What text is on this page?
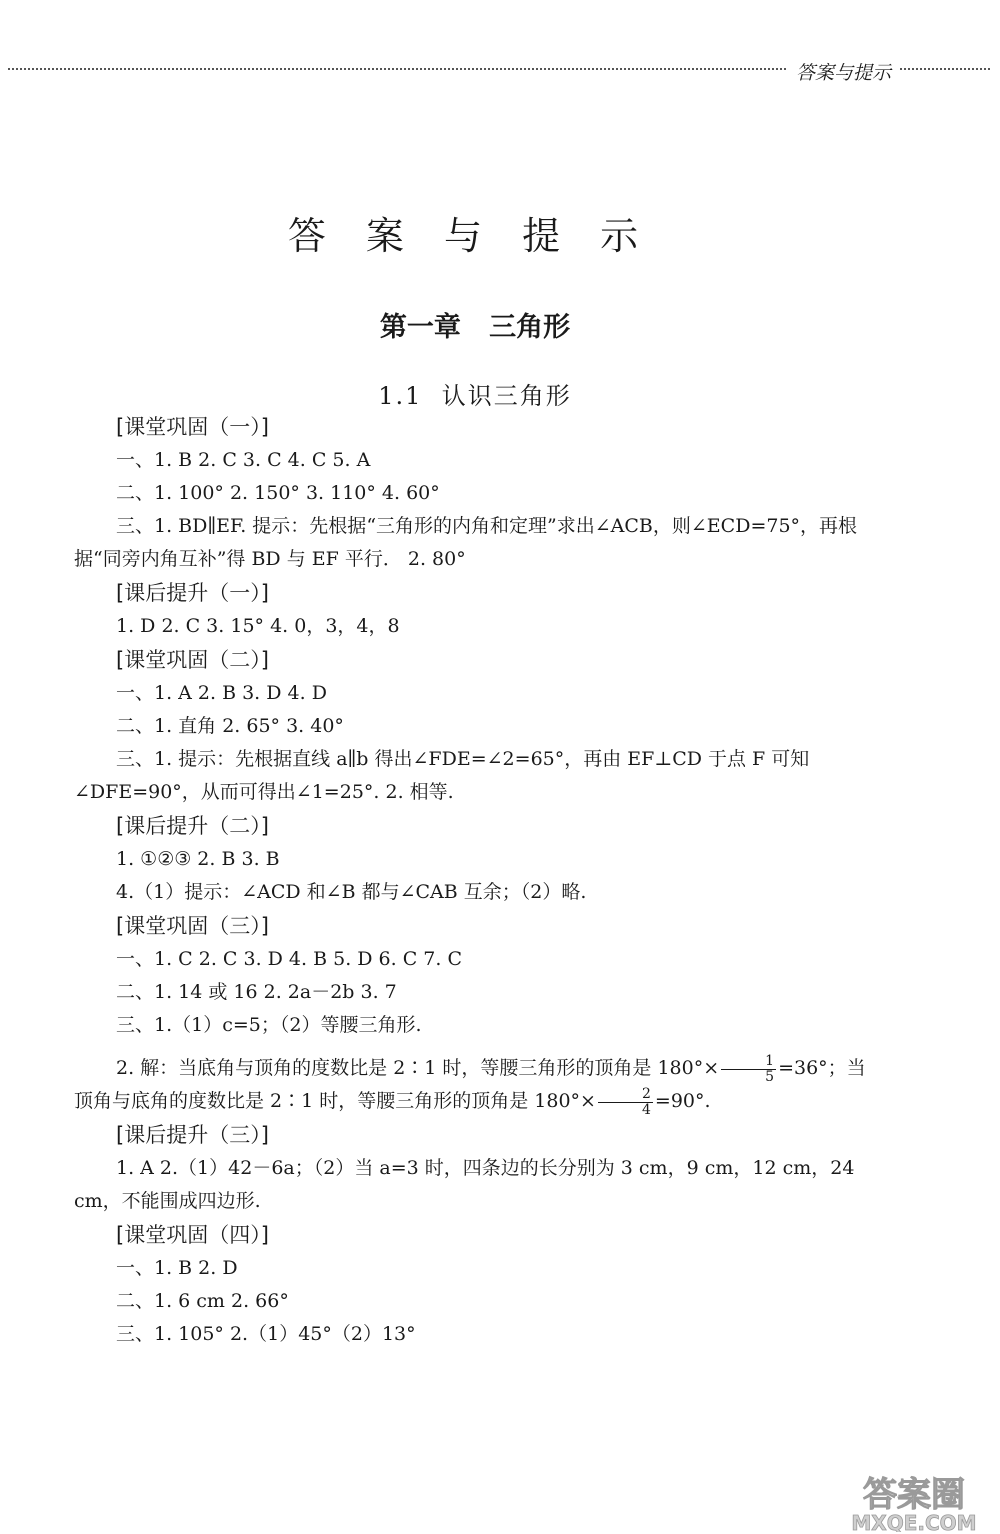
答案与提示
答 案 与 提 示
第一章   三角形
1.1  认识三角形
[课堂巩固（一）]
一、1. B 2. C 3. C 4. C 5. A
二、1. 100° 2. 150° 3. 110° 4. 60°
三、1. BD∥EF. 提示：先根据“三角形的内角和定理”求出∠ACB，则∠ECD=75°，再根据“同旁内角互补”得 BD 与 EF 平行． 2. 80°
[课后提升（一）]
1. D 2. C 3. 15° 4. 0，3，4，8
[课堂巩固（二）]
一、1. A 2. B 3. D 4. D
二、1. 直角 2. 65° 3. 40°
三、1. 提示：先根据直线 a∥b 得出∠FDE=∠2=65°，再由 EF⊥CD 于点 F 可知∠DFE=90°，从而可得出∠1=25°. 2. 相等.
[课后提升（二）]
1. ①②③ 2. B 3. B
4.（1）提示：∠ACD 和∠B 都与∠CAB 互余；（2）略.
[课堂巩固（三）]
一、1. C 2. C 3. D 4. B 5. D 6. C 7. C
二、1. 14 或 16 2. 2a－2b 3. 7
三、1.（1）c=5；（2）等腰三角形.
2. 解：当底角与顶角的度数比是 2∶1 时，等腰三角形的顶角是 $180^\circ\times \frac{1}{5} =36^\circ$；当顶角与底角的度数比是 2∶1 时，等腰三角形的顶角是 $180^\circ\times \frac{2}{4} =90^\circ$.
[课后提升（三）]
1. A 2.（1）42－6a；（2）当 a=3 时，四条边的长分别为 3 cm，9 cm，12 cm，24 cm，不能围成四边形.
[课堂巩固（四）]
一、1. B 2. D
二、1. 6 cm 2. 66°
三、1. 105° 2.（1）45°（2）13°
答案圈
MXQE.COM
